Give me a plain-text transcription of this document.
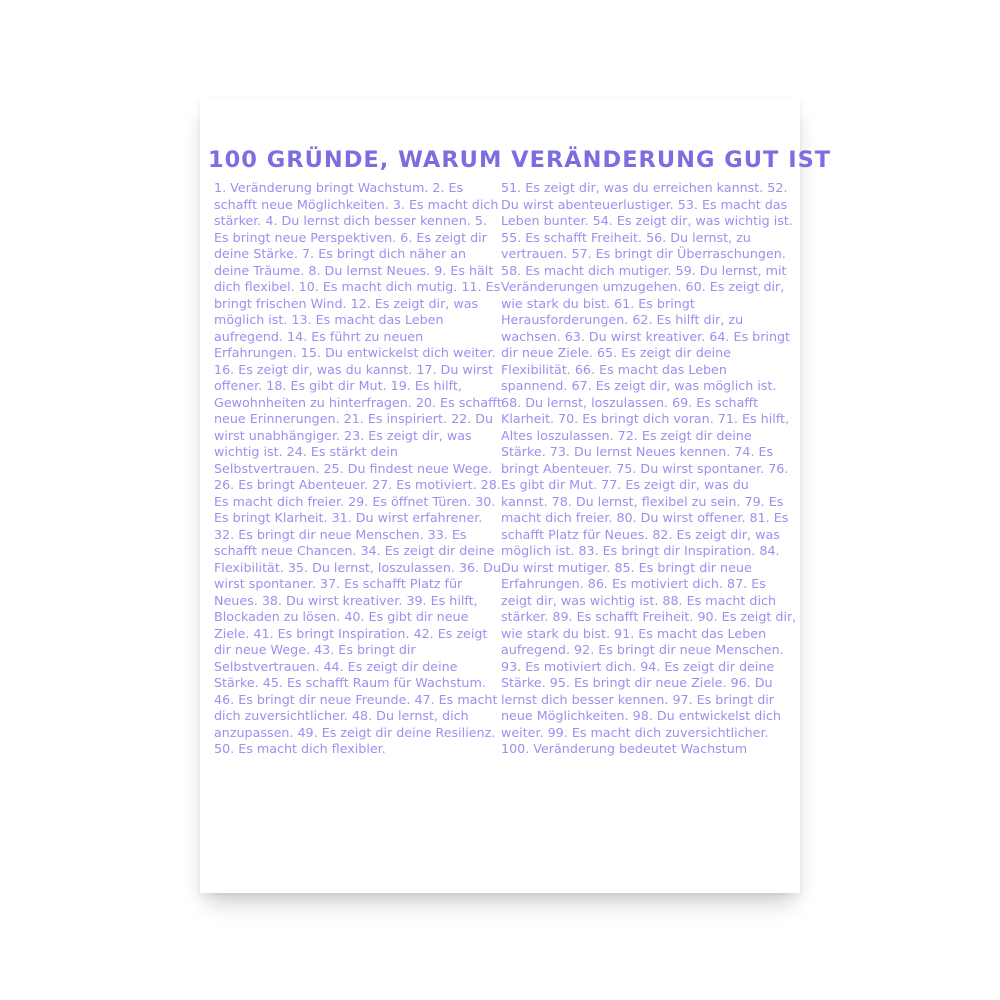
100 GRÜNDE, WARUM VERÄNDERUNG GUT IST

1. Veränderung bringt Wachstum. 2. Es schafft neue Möglichkeiten. 3. Es macht dich stärker. 4. Du lernst dich besser kennen. 5. Es bringt neue Perspektiven. 6. Es zeigt dir deine Stärke. 7. Es bringt dich näher an deine Träume. 8. Du lernst Neues. 9. Es hält dich flexibel. 10. Es macht dich mutig. 11. Es bringt frischen Wind. 12. Es zeigt dir, was möglich ist. 13. Es macht das Leben aufregend. 14. Es führt zu neuen Erfahrungen. 15. Du entwickelst dich weiter. 16. Es zeigt dir, was du kannst. 17. Du wirst offener. 18. Es gibt dir Mut. 19. Es hilft, Gewohnheiten zu hinterfragen. 20. Es schafft neue Erinnerungen. 21. Es inspiriert. 22. Du wirst unabhängiger. 23. Es zeigt dir, was wichtig ist. 24. Es stärkt dein Selbstvertrauen. 25. Du findest neue Wege. 26. Es bringt Abenteuer. 27. Es motiviert. 28. Es macht dich freier. 29. Es öffnet Türen. 30. Es bringt Klarheit. 31. Du wirst erfahrener. 32. Es bringt dir neue Menschen. 33. Es schafft neue Chancen. 34. Es zeigt dir deine Flexibilität. 35. Du lernst, loszulassen. 36. Du wirst spontaner. 37. Es schafft Platz für Neues. 38. Du wirst kreativer. 39. Es hilft, Blockaden zu lösen. 40. Es gibt dir neue Ziele. 41. Es bringt Inspiration. 42. Es zeigt dir neue Wege. 43. Es bringt dir Selbstvertrauen. 44. Es zeigt dir deine Stärke. 45. Es schafft Raum für Wachstum. 46. Es bringt dir neue Freunde. 47. Es macht dich zuversichtlicher. 48. Du lernst, dich anzupassen. 49. Es zeigt dir deine Resilienz. 50. Es macht dich flexibler.

51. Es zeigt dir, was du erreichen kannst. 52. Du wirst abenteuerlustiger. 53. Es macht das Leben bunter. 54. Es zeigt dir, was wichtig ist. 55. Es schafft Freiheit. 56. Du lernst, zu vertrauen. 57. Es bringt dir Überraschungen. 58. Es macht dich mutiger. 59. Du lernst, mit Veränderungen umzugehen. 60. Es zeigt dir, wie stark du bist. 61. Es bringt Herausforderungen. 62. Es hilft dir, zu wachsen. 63. Du wirst kreativer. 64. Es bringt dir neue Ziele. 65. Es zeigt dir deine Flexibilität. 66. Es macht das Leben spannend. 67. Es zeigt dir, was möglich ist. 68. Du lernst, loszulassen. 69. Es schafft Klarheit. 70. Es bringt dich voran. 71. Es hilft, Altes loszulassen. 72. Es zeigt dir deine Stärke. 73. Du lernst Neues kennen. 74. Es bringt Abenteuer. 75. Du wirst spontaner. 76. Es gibt dir Mut. 77. Es zeigt dir, was du kannst. 78. Du lernst, flexibel zu sein. 79. Es macht dich freier. 80. Du wirst offener. 81. Es schafft Platz für Neues. 82. Es zeigt dir, was möglich ist. 83. Es bringt dir Inspiration. 84. Du wirst mutiger. 85. Es bringt dir neue Erfahrungen. 86. Es motiviert dich. 87. Es zeigt dir, was wichtig ist. 88. Es macht dich stärker. 89. Es schafft Freiheit. 90. Es zeigt dir, wie stark du bist. 91. Es macht das Leben aufregend. 92. Es bringt dir neue Menschen. 93. Es motiviert dich. 94. Es zeigt dir deine Stärke. 95. Es bringt dir neue Ziele. 96. Du lernst dich besser kennen. 97. Es bringt dir neue Möglichkeiten. 98. Du entwickelst dich weiter. 99. Es macht dich zuversichtlicher. 100. Veränderung bedeutet Wachstum
